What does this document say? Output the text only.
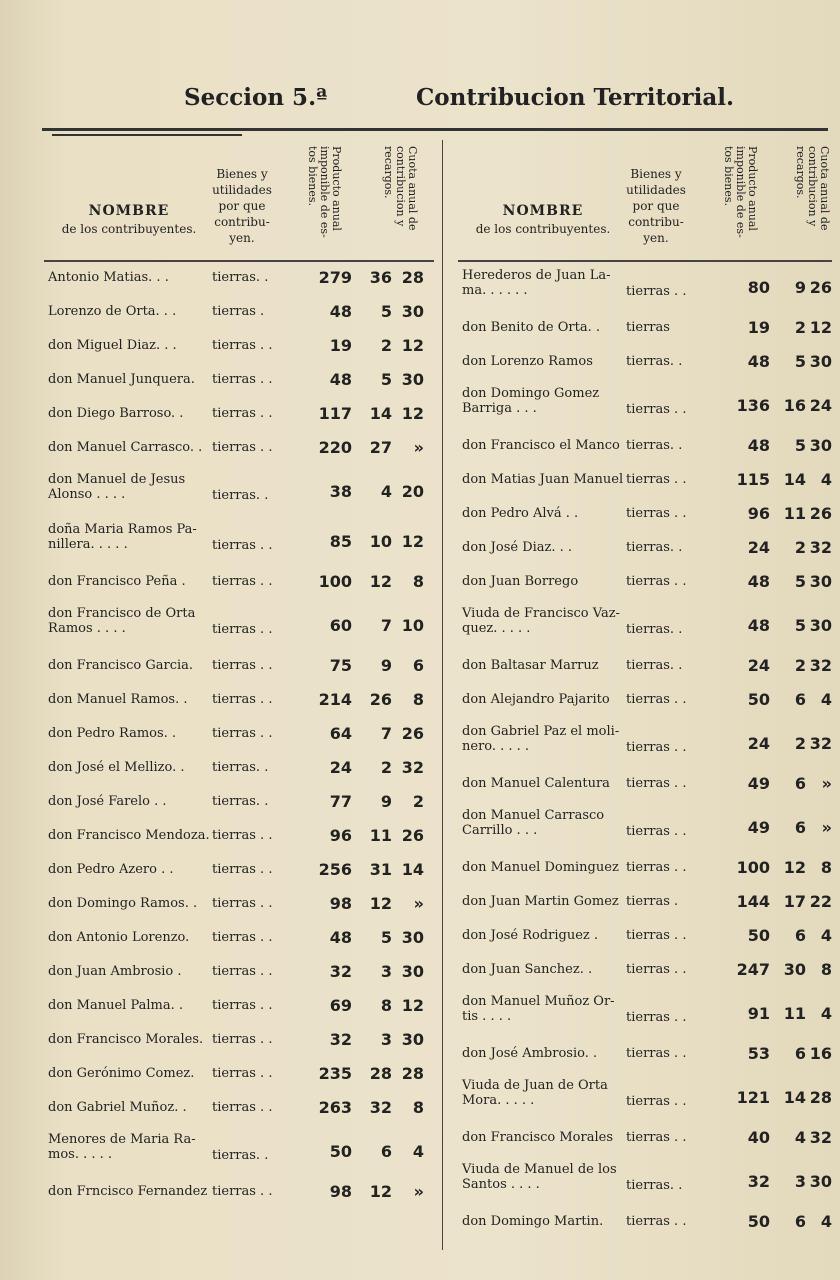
Seccion 5.ª	Contribucion Territorial.
NOMBRE
de los contribuyentes.
Bienes y utilidades por que contribu-yen.
Producto anual imponible de es-tos bienes.	Cuota anual de contribucion y recargos.
Antonio Matias. . .	tierras. .	279	36 28
Lorenzo de Orta. . .	tierras .	48	5 30
don Miguel Diaz. . .	tierras . .	19	2 12
don Manuel Junquera.	tierras . .	48	5 30
don Diego Barroso. .	tierras . .	117	14 12
don Manuel Carrasco. . tierras . .	220	27	»
don Manuel de Jesus Alonso . . . .	tierras. .	38	4 20
doña Maria Ramos Pa-nillera. . . . .	tierras . .	85	10 12
don Francisco Peña .	tierras . .	100	12	8
don Francisco de Orta Ramos . . . .	tierras . .	60	7 10
don Francisco Garcia.	tierras . .	75	9	6
don Manuel Ramos. .	tierras . .	214	26	8
don Pedro Ramos. .	tierras . .	64	7 26
don José el Mellizo. .	tierras. .	24	2 32
don José Farelo . .	tierras. .	77	9	2
don Francisco Mendoza. tierras . .	96	11 26
don Pedro Azero . .	tierras . .	256	31 14
don Domingo Ramos. .	tierras . .	98	12	»
don Antonio Lorenzo.	tierras . .	48	5 30
don Juan Ambrosio .	tierras . .	32	3 30
don Manuel Palma. .	tierras . .	69	8 12
don Francisco Morales. tierras . .	32	3 30
don Gerónimo Comez.	tierras . .	235	28 28
don Gabriel Muñoz. .	tierras . .	263	32	8
Menores de Maria Ra-mos. . . . .	tierras. .	50	6	4
don Frncisco Fernandez tierras . .	98	12	»
NOMBRE
de los contribuyentes.
Bienes y utilidades por que contribu-yen.
Producto anual imponible de es-tos bienes.	Cuota anual de contribucion y recargos.
Herederos de Juan La-ma. . . . . .	tierras . .	80	9 26
don Benito de Orta. .	tierras	19	2 12
don Lorenzo Ramos	tierras. .	48	5 30
don Domingo Gomez Barriga . . .	tierras . .	136 16 24
don Francisco el Manco tierras. .	48	5 30
don Matias Juan Manuel tierras . .	115 14 4
don Pedro Alvá . .	tierras . .	96 11 26
don José Diaz. . .	tierras. .	24	2 32
don Juan Borrego	tierras . .	48	5 30
Viuda de Francisco Vaz-quez. . . . .	tierras. .	48	5 30
don Baltasar Marruz	tierras. .	24	2 32
don Alejandro Pajarito	tierras . .	50	6 4
don Gabriel Paz el moli-nero. . . . .	tierras . .	24	2 32
don Manuel Calentura	tierras . .	49	6 »
don Manuel Carrasco Carrillo . . .	tierras . .	49	6 »
don Manuel Dominguez tierras . .	100 12 8
don Juan Martin Gomez tierras .	144 17 22
don José Rodriguez .	tierras . .	50	6 4
don Juan Sanchez. .	tierras . .	247 30 8
don Manuel Muñoz Or-tis . . . .	tierras . .	91 11 4
don José Ambrosio. .	tierras . .	53	6 16
Viuda de Juan de Orta Mora. . . . .	tierras . .	121 14 28
don Francisco Morales	tierras . .	40	4 32
Viuda de Manuel de los Santos . . . .	tierras. .	32	3 30
don Domingo Martin.	tierras . .	50	6 4
